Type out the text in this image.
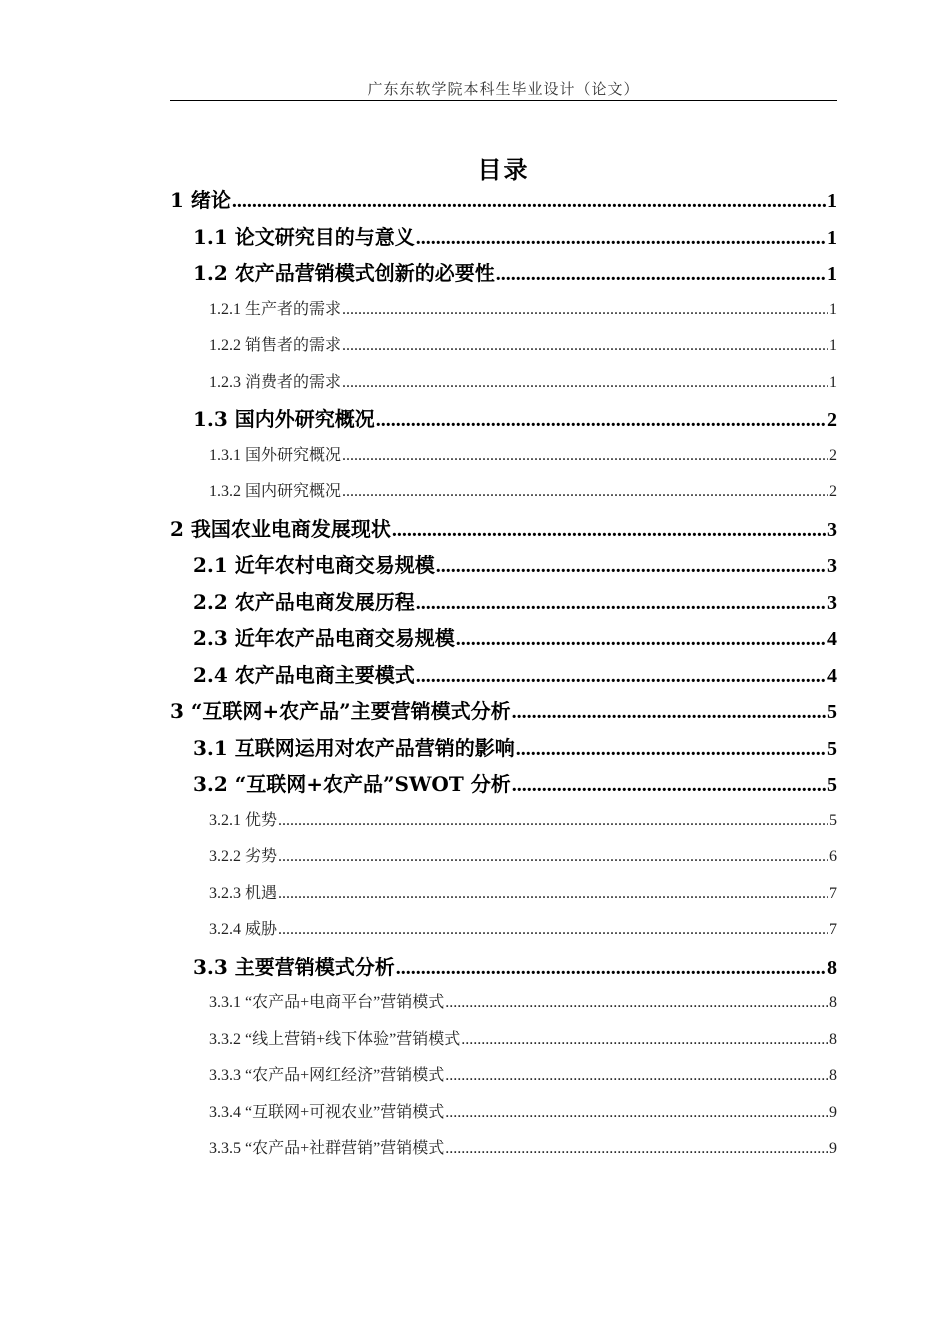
广东东软学院本科生毕业设计（论文）
目录
1 绪论 .....	1
1.1 论文研究目的与意义 .....	1
1.2 农产品营销模式创新的必要性 .....	1
1.2.1 生产者的需求 .....	1
1.2.2 销售者的需求 .....	1
1.2.3 消费者的需求 .....	1
1.3 国内外研究概况 .....	2
1.3.1 国外研究概况 .....	2
1.3.2 国内研究概况 .....	2
2 我国农业电商发展现状 .....	3
2.1 近年农村电商交易规模 .....	3
2.2 农产品电商发展历程 .....	3
2.3 近年农产品电商交易规模 .....	4
2.4 农产品电商主要模式 .....	4
3 “互联网+农产品”主要营销模式分析 .....	5
3.1 互联网运用对农产品营销的影响 .....	5
3.2 “互联网+农产品”SWOT 分析 .....	5
3.2.1 优势 .....	5
3.2.2 劣势 .....	6
3.2.3 机遇 .....	7
3.2.4 威胁 .....	7
3.3 主要营销模式分析 .....	8
3.3.1 “农产品+电商平台”营销模式 .....	8
3.3.2 “线上营销+线下体验”营销模式 .....	8
3.3.3 “农产品+网红经济”营销模式 .....	8
3.3.4 “互联网+可视农业”营销模式 .....	9
3.3.5 “农产品+社群营销”营销模式 .....	9
